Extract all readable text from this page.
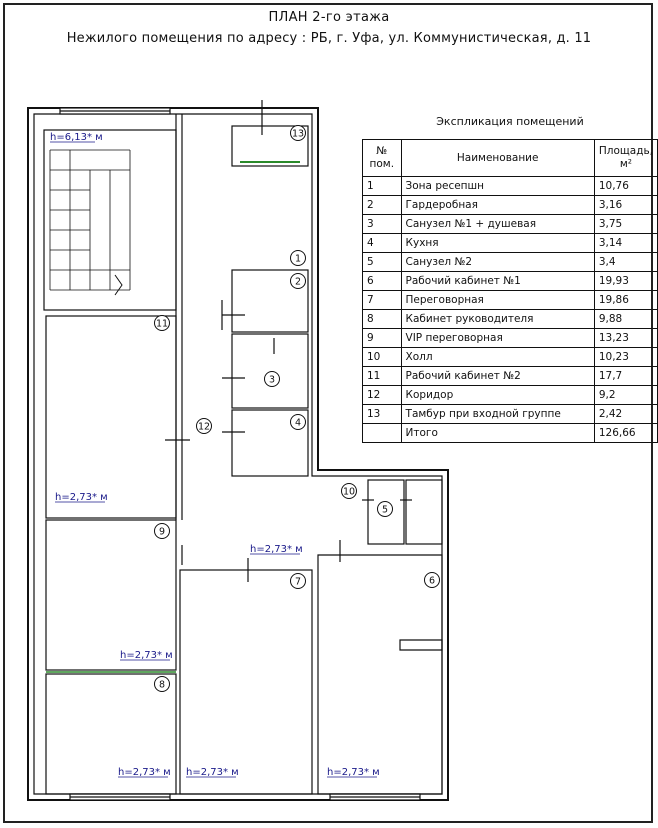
ПЛАН 2-го этажа
Нежилого помещения по адресу : РБ, г. Уфа, ул. Коммунистическая, д. 11
Экспликация помещений
№
пом.	Наименование	Площадь,
м²
1	Зона ресепшн	10,76
2	Гардеробная	3,16
3	Санузел №1 + душевая	3,75
4	Кухня	3,14
5	Санузел №2	3,4
6	Рабочий кабинет №1	19,93
7	Переговорная	19,86
8	Кабинет руководителя	9,88
9	VIP переговорная	13,23
10	Холл	10,23
11	Рабочий кабинет №2	17,7
12	Коридор	9,2
13	Тамбур при входной группе	2,42
	Итого	126,66
h=6,13* м
h=2,73* м
h=2,73* м
h=2,73* м
h=2,73* м h=2,73* м	h=2,73* м
1
2
3
4
5
6
7
8
9
10
11
12
13
